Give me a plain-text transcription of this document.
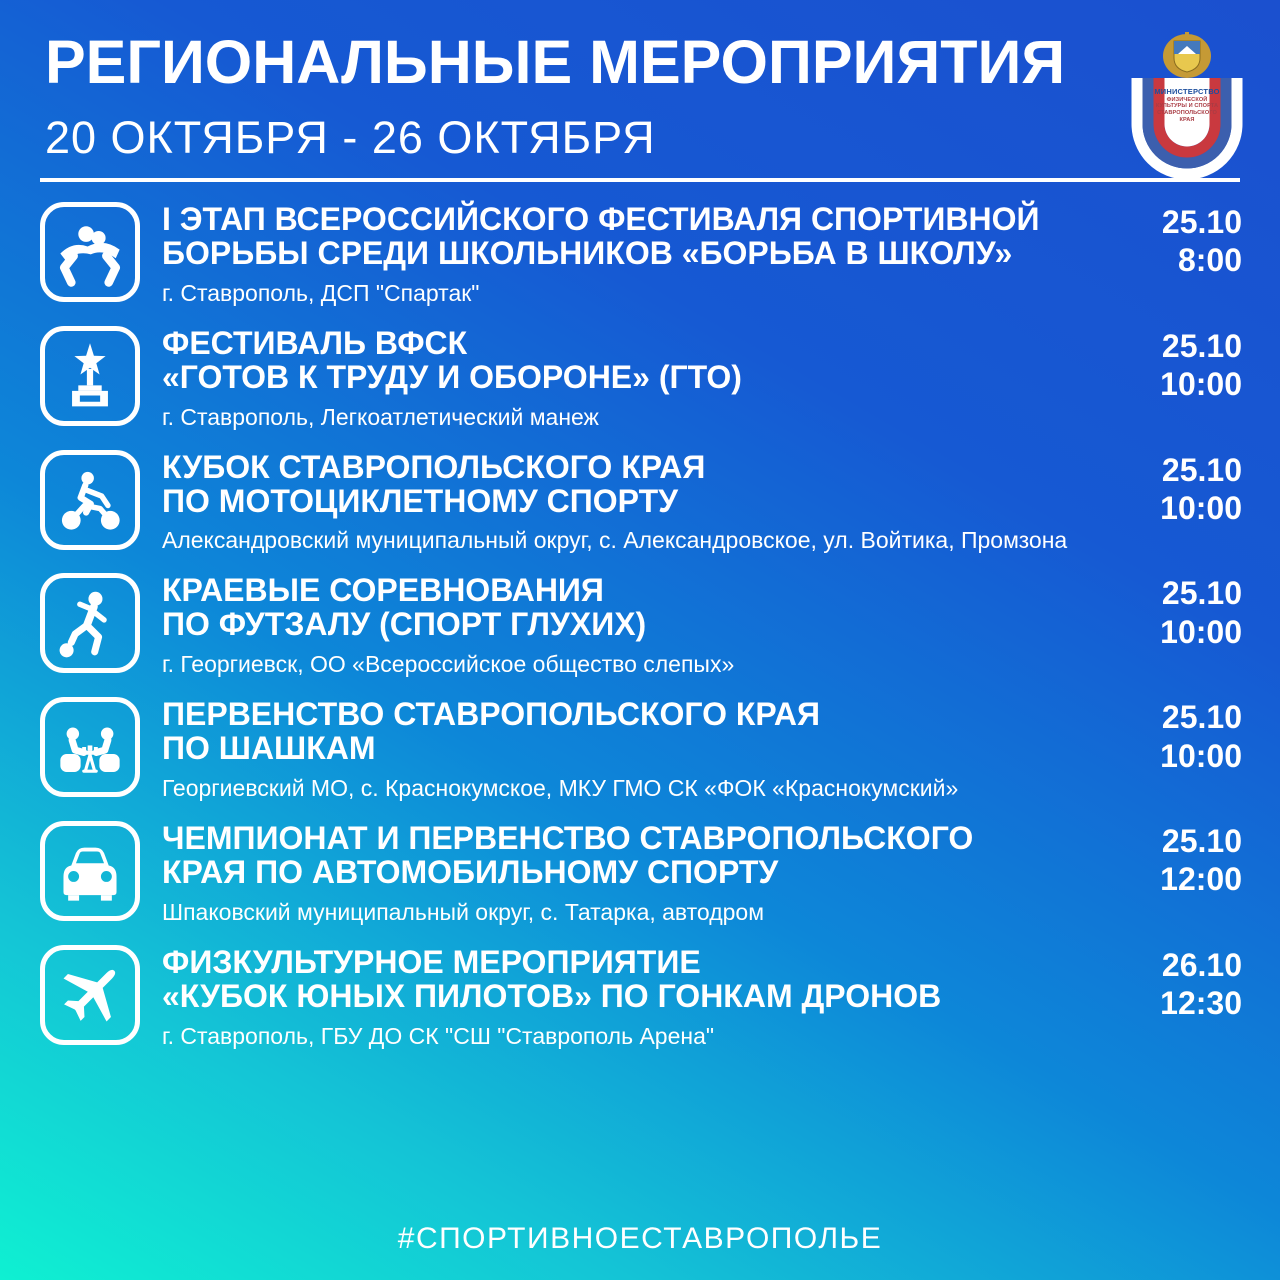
РЕГИОНАЛЬНЫЕ МЕРОПРИЯТИЯ
20 ОКТЯБРЯ - 26 ОКТЯБРЯ
МИНИСТЕРСТВО
ФИЗИЧЕСКОЙ
КУЛЬТУРЫ И СПОРТА
СТАВРОПОЛЬСКОГО
КРАЯ
I ЭТАП ВСЕРОССИЙСКОГО ФЕСТИВАЛЯ СПОРТИВНОЙ
БОРЬБЫ СРЕДИ ШКОЛЬНИКОВ «БОРЬБА В ШКОЛУ»
г. Ставрополь, ДСП "Спартак"
25.10
8:00
ФЕСТИВАЛЬ ВФСК
«ГОТОВ К ТРУДУ И ОБОРОНЕ» (ГТО)
г. Ставрополь, Легкоатлетический манеж
25.10
10:00
КУБОК СТАВРОПОЛЬСКОГО КРАЯ
ПО МОТОЦИКЛЕТНОМУ СПОРТУ
Александровский муниципальный округ, с. Александровское, ул. Войтика, Промзона
25.10
10:00
КРАЕВЫЕ СОРЕВНОВАНИЯ
ПО ФУТЗАЛУ (СПОРТ ГЛУХИХ)
г. Георгиевск, ОО «Всероссийское общество слепых»
25.10
10:00
ПЕРВЕНСТВО СТАВРОПОЛЬСКОГО КРАЯ
ПО ШАШКАМ
Георгиевский МО, с. Краснокумское, МКУ ГМО СК «ФОК «Краснокумский»
25.10
10:00
ЧЕМПИОНАТ И ПЕРВЕНСТВО СТАВРОПОЛЬСКОГО
КРАЯ ПО АВТОМОБИЛЬНОМУ СПОРТУ
Шпаковский муниципальный округ, с. Татарка, автодром
25.10
12:00
ФИЗКУЛЬТУРНОЕ МЕРОПРИЯТИЕ
«КУБОК ЮНЫХ ПИЛОТОВ» ПО ГОНКАМ ДРОНОВ
г. Ставрополь, ГБУ ДО СК "СШ "Ставрополь Арена"
26.10
12:30
#СПОРТИВНОЕСТАВРОПОЛЬЕ
